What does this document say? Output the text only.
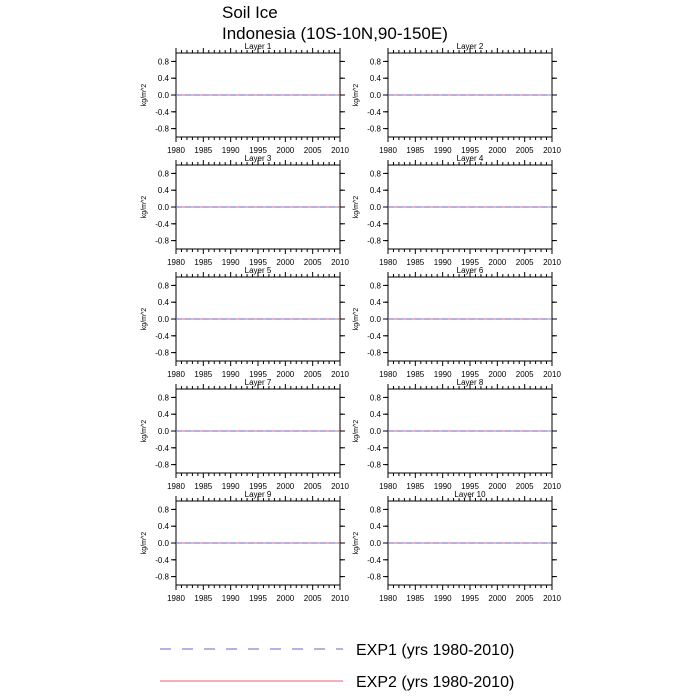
Soil Ice
Indonesia (10S-10N,90-150E)
Layer 1
-0.8
-0.4
0.0
0.4
0.8
1980 1985 1990 1995 2000 2005 2010
kg/m^2
Layer 2
-0.8
-0.4
0.0
0.4
0.8
1980 1985 1990 1995 2000 2005 2010
kg/m^2
Layer 3
-0.8
-0.4
0.0
0.4
0.8
1980 1985 1990 1995 2000 2005 2010
kg/m^2
Layer 4
-0.8
-0.4
0.0
0.4
0.8
1980 1985 1990 1995 2000 2005 2010
kg/m^2
Layer 5
-0.8
-0.4
0.0
0.4
0.8
1980 1985 1990 1995 2000 2005 2010
kg/m^2
Layer 6
-0.8
-0.4
0.0
0.4
0.8
1980 1985 1990 1995 2000 2005 2010
kg/m^2
Layer 7
-0.8
-0.4
0.0
0.4
0.8
1980 1985 1990 1995 2000 2005 2010
kg/m^2
Layer 8
-0.8
-0.4
0.0
0.4
0.8
1980 1985 1990 1995 2000 2005 2010
kg/m^2
Layer 9
-0.8
-0.4
0.0
0.4
0.8
1980 1985 1990 1995 2000 2005 2010
kg/m^2
Layer 10
-0.8
-0.4
0.0
0.4
0.8
1980 1985 1990 1995 2000 2005 2010
kg/m^2
EXP1 (yrs 1980-2010)
EXP2 (yrs 1980-2010)
